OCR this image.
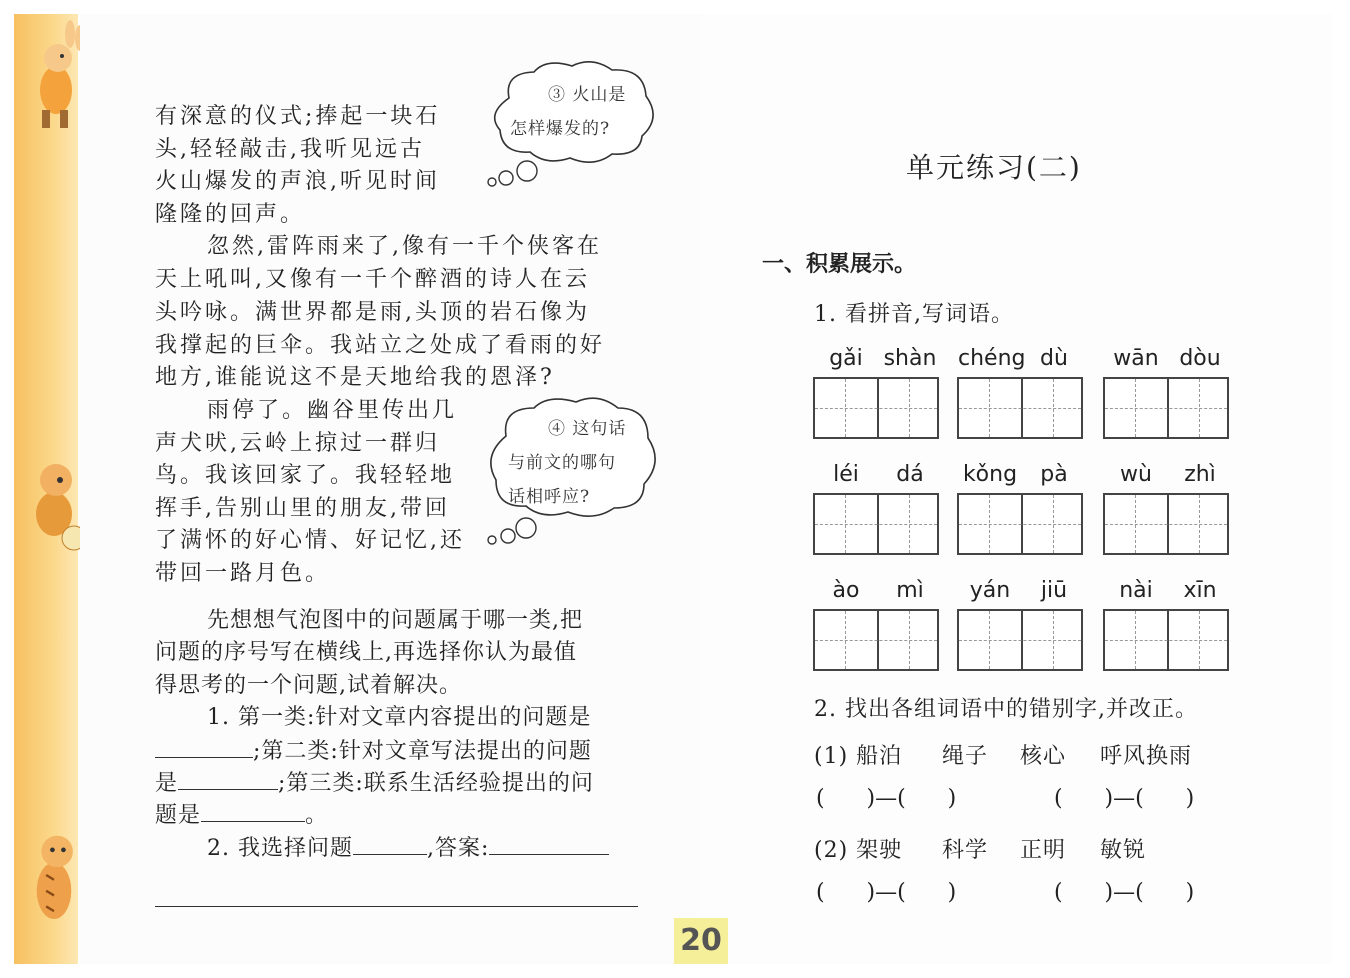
有深意的仪式;捧起一块石
头,轻轻敲击,我听见远古
火山爆发的声浪,听见时间
隆隆的回声。
忽然,雷阵雨来了,像有一千个侠客在
天上吼叫,又像有一千个醉酒的诗人在云
头吟咏。满世界都是雨,头顶的岩石像为
我撑起的巨伞。我站立之处成了看雨的好
地方,谁能说这不是天地给我的恩泽?
雨停了。幽谷里传出几
声犬吠,云岭上掠过一群归
鸟。我该回家了。我轻轻地
挥手,告别山里的朋友,带回
了满怀的好心情、好记忆,还
带回一路月色。
③ 火山是
怎样爆发的?
④ 这句话
与前文的哪句
话相呼应?
先想想气泡图中的问题属于哪一类,把
问题的序号写在横线上,再选择你认为最值
得思考的一个问题,试着解决。
1. 第一类:针对文章内容提出的问题是
;第二类:针对文章写法提出的问题
是	;第三类:联系生活经验提出的问
题是	。
2. 我选择问题	,答案:
20
单元练习(二)
一、积累展示。
1. 看拼音,写词语。
gǎi shàn chéng dù	wān dòu
léi	dá	kǒng	pà	wù	zhì
ào	mì	yán	jiū	nài	xīn
2. 找出各组词语中的错别字,并改正。
(1) 船泊 绳子 核心 呼风换雨
(      )—(      )	(      )—(      )
(2) 架驶 科学 正明 敏锐
(      )—(      )	(      )—(      )
